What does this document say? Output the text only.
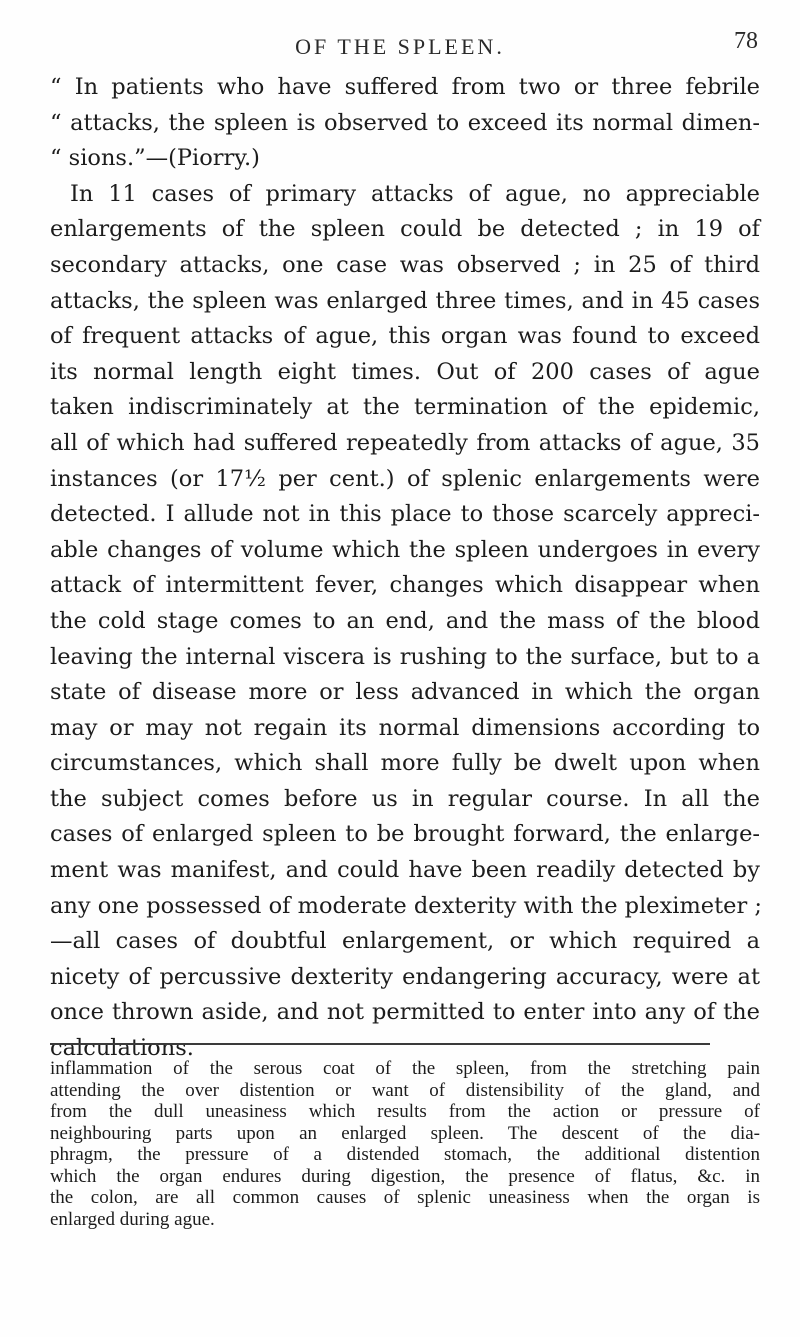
OF THE SPLEEN.	78
“ In patients who have suffered from two or three febrile
“ attacks, the spleen is observed to exceed its normal dimen-
“ sions.”—(Piorry.)
In 11 cases of primary attacks of ague, no appreciable
enlargements of the spleen could be detected ; in 19 of
secondary attacks, one case was observed ; in 25 of third
attacks, the spleen was enlarged three times, and in 45 cases
of frequent attacks of ague, this organ was found to exceed
its normal length eight times. Out of 200 cases of ague
taken indiscriminately at the termination of the epidemic,
all of which had suffered repeatedly from attacks of ague, 35
instances (or 17½ per cent.) of splenic enlargements were
detected. I allude not in this place to those scarcely appreci-
able changes of volume which the spleen undergoes in every
attack of intermittent fever, changes which disappear when
the cold stage comes to an end, and the mass of the blood
leaving the internal viscera is rushing to the surface, but to a
state of disease more or less advanced in which the organ
may or may not regain its normal dimensions according to
circumstances, which shall more fully be dwelt upon when
the subject comes before us in regular course. In all the
cases of enlarged spleen to be brought forward, the enlarge-
ment was manifest, and could have been readily detected by
any one possessed of moderate dexterity with the pleximeter ;
—all cases of doubtful enlargement, or which required a
nicety of percussive dexterity endangering accuracy, were at
once thrown aside, and not permitted to enter into any of the
calculations.
inflammation of the serous coat of the spleen, from the stretching pain
attending the over distention or want of distensibility of the gland, and
from the dull uneasiness which results from the action or pressure of
neighbouring parts upon an enlarged spleen. The descent of the dia-
phragm, the pressure of a distended stomach, the additional distention
which the organ endures during digestion, the presence of flatus, &c. in
the colon, are all common causes of splenic uneasiness when the organ is
enlarged during ague.
